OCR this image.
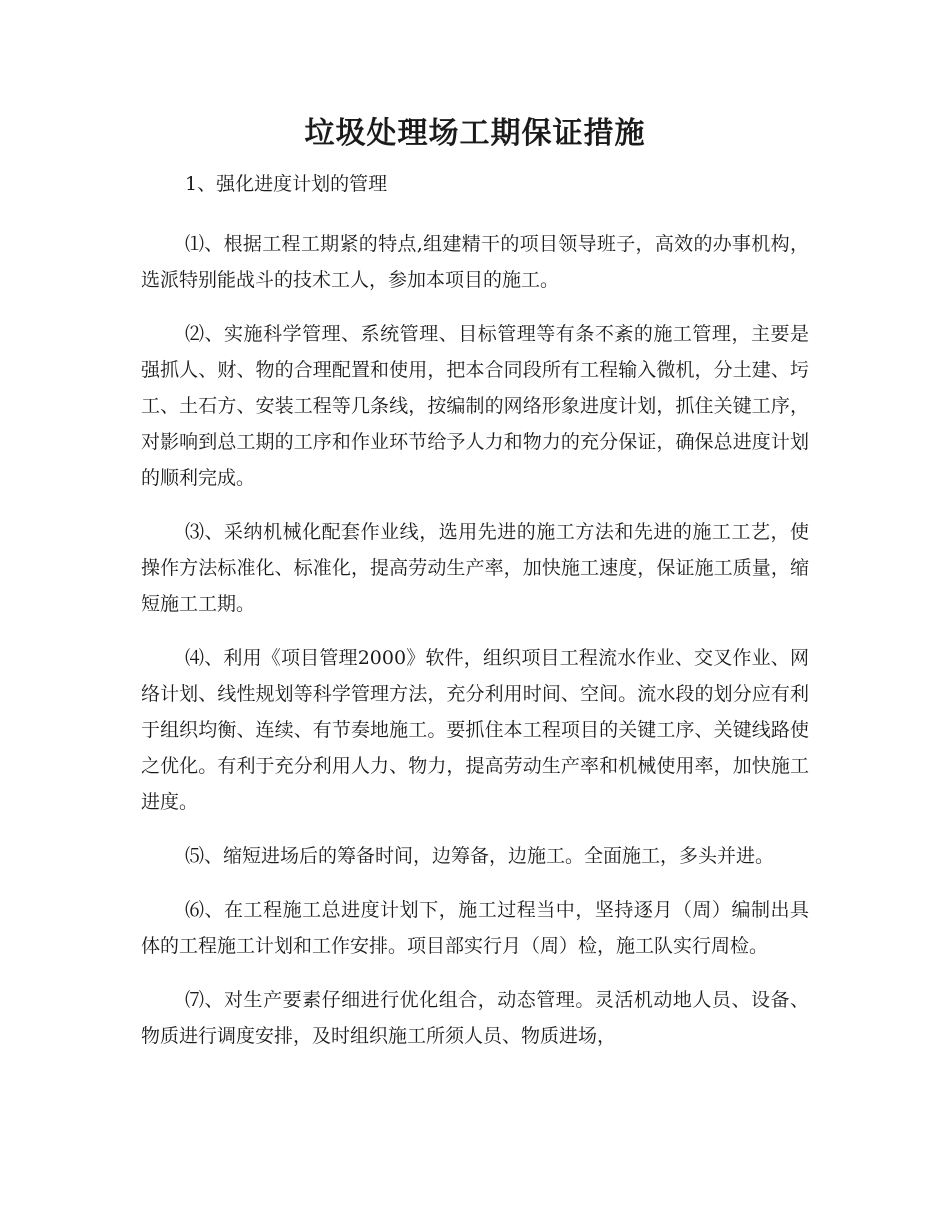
垃圾处理场工期保证措施

1、强化进度计划的管理

⑴、根据工程工期紧的特点,组建精干的项目领导班子，高效的办事机构，选派特别能战斗的技术工人，参加本项目的施工。

⑵、实施科学管理、系统管理、目标管理等有条不紊的施工管理，主要是强抓人、财、物的合理配置和使用，把本合同段所有工程输入微机，分土建、圬工、土石方、安装工程等几条线，按编制的网络形象进度计划，抓住关键工序，对影响到总工期的工序和作业环节给予人力和物力的充分保证，确保总进度计划的顺利完成。

⑶、采纳机械化配套作业线，选用先进的施工方法和先进的施工工艺，使操作方法标准化、标准化，提高劳动生产率，加快施工速度，保证施工质量，缩短施工工期。

⑷、利用《项目管理2000》软件，组织项目工程流水作业、交叉作业、网络计划、线性规划等科学管理方法，充分利用时间、空间。流水段的划分应有利于组织均衡、连续、有节奏地施工。要抓住本工程项目的关键工序、关键线路使之优化。有利于充分利用人力、物力，提高劳动生产率和机械使用率，加快施工进度。

⑸、缩短进场后的筹备时间，边筹备，边施工。全面施工，多头并进。

⑹、在工程施工总进度计划下，施工过程当中，坚持逐月（周）编制出具体的工程施工计划和工作安排。项目部实行月（周）检，施工队实行周检。

⑺、对生产要素仔细进行优化组合，动态管理。灵活机动地人员、设备、物质进行调度安排，及时组织施工所须人员、物质进场，
